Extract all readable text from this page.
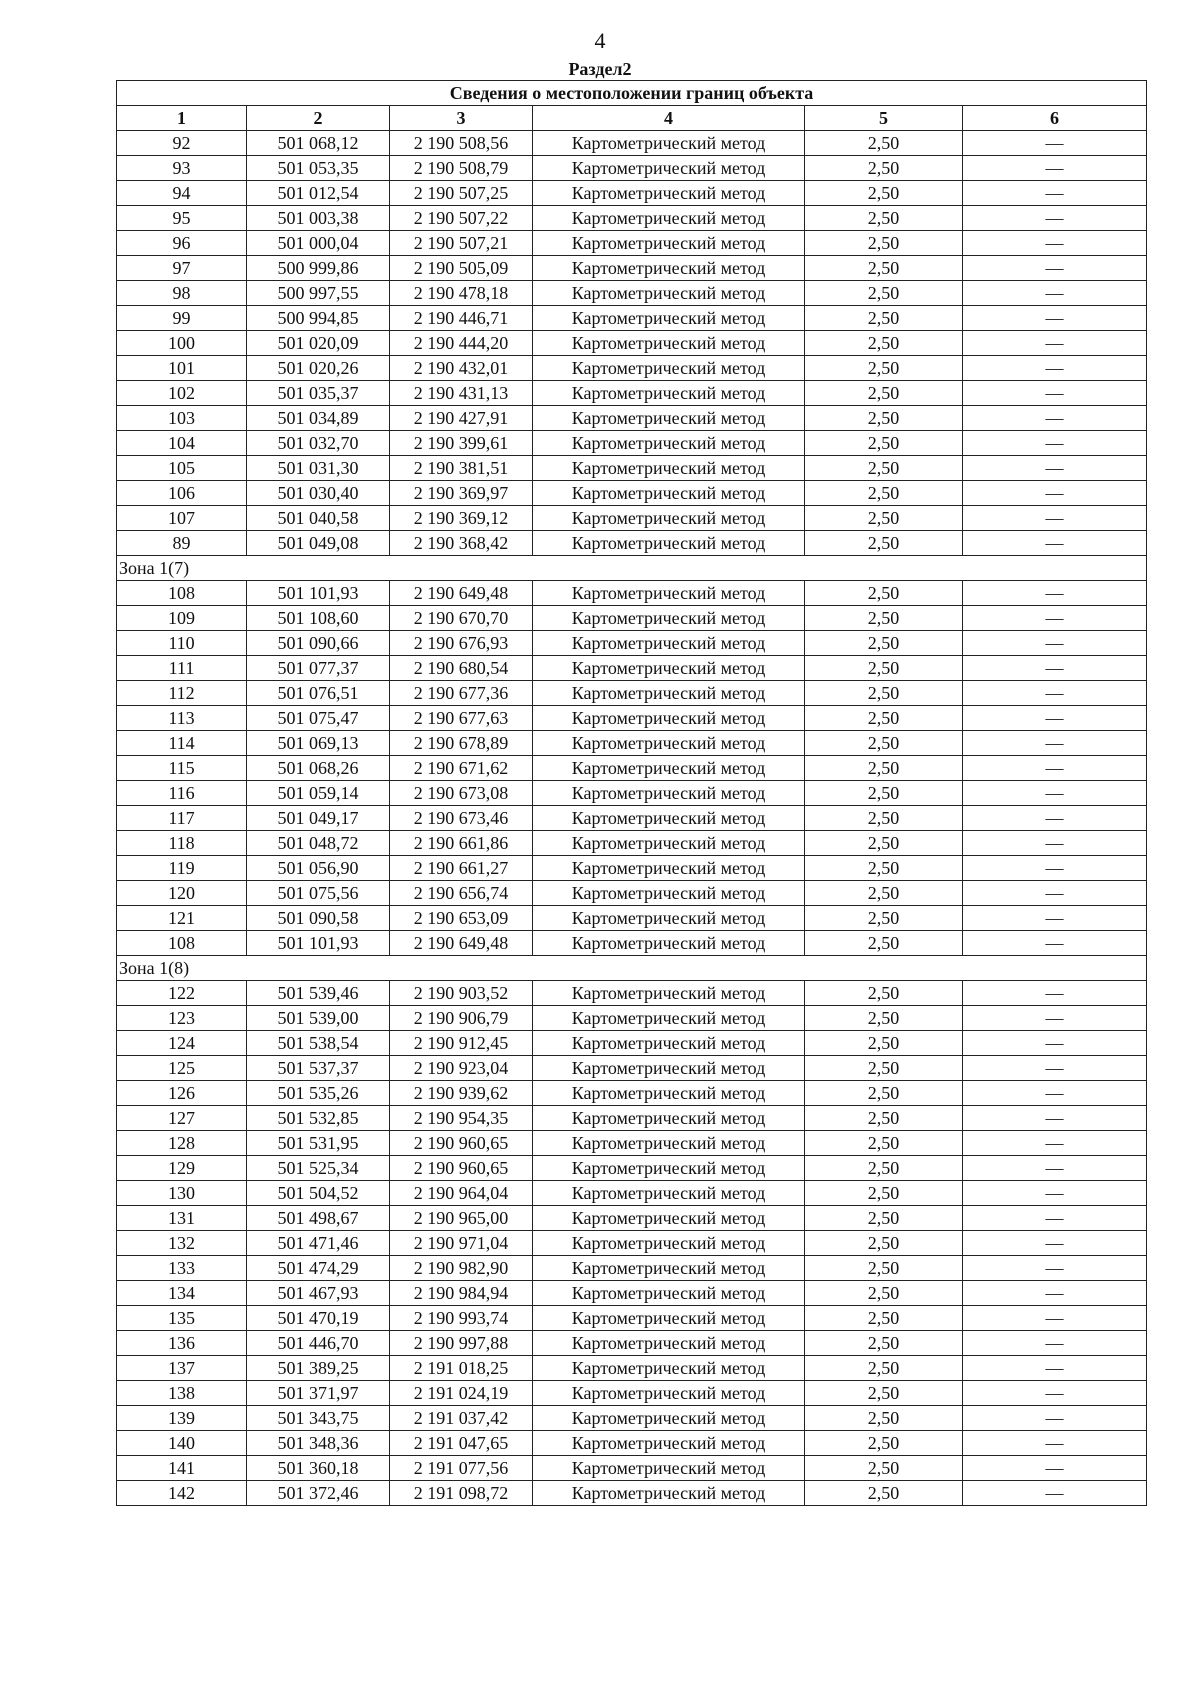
4
Раздел2
Сведения о местоположении границ объекта					
1	2	3	4	5	6
92	501 068,12	2 190 508,56	Картометрический метод	2,50	—
93	501 053,35	2 190 508,79	Картометрический метод	2,50	—
94	501 012,54	2 190 507,25	Картометрический метод	2,50	—
95	501 003,38	2 190 507,22	Картометрический метод	2,50	—
96	501 000,04	2 190 507,21	Картометрический метод	2,50	—
97	500 999,86	2 190 505,09	Картометрический метод	2,50	—
98	500 997,55	2 190 478,18	Картометрический метод	2,50	—
99	500 994,85	2 190 446,71	Картометрический метод	2,50	—
100	501 020,09	2 190 444,20	Картометрический метод	2,50	—
101	501 020,26	2 190 432,01	Картометрический метод	2,50	—
102	501 035,37	2 190 431,13	Картометрический метод	2,50	—
103	501 034,89	2 190 427,91	Картометрический метод	2,50	—
104	501 032,70	2 190 399,61	Картометрический метод	2,50	—
105	501 031,30	2 190 381,51	Картометрический метод	2,50	—
106	501 030,40	2 190 369,97	Картометрический метод	2,50	—
107	501 040,58	2 190 369,12	Картометрический метод	2,50	—
89	501 049,08	2 190 368,42	Картометрический метод	2,50	—
Зона 1(7)					
108	501 101,93	2 190 649,48	Картометрический метод	2,50	—
109	501 108,60	2 190 670,70	Картометрический метод	2,50	—
110	501 090,66	2 190 676,93	Картометрический метод	2,50	—
111	501 077,37	2 190 680,54	Картометрический метод	2,50	—
112	501 076,51	2 190 677,36	Картометрический метод	2,50	—
113	501 075,47	2 190 677,63	Картометрический метод	2,50	—
114	501 069,13	2 190 678,89	Картометрический метод	2,50	—
115	501 068,26	2 190 671,62	Картометрический метод	2,50	—
116	501 059,14	2 190 673,08	Картометрический метод	2,50	—
117	501 049,17	2 190 673,46	Картометрический метод	2,50	—
118	501 048,72	2 190 661,86	Картометрический метод	2,50	—
119	501 056,90	2 190 661,27	Картометрический метод	2,50	—
120	501 075,56	2 190 656,74	Картометрический метод	2,50	—
121	501 090,58	2 190 653,09	Картометрический метод	2,50	—
108	501 101,93	2 190 649,48	Картометрический метод	2,50	—
Зона 1(8)					
122	501 539,46	2 190 903,52	Картометрический метод	2,50	—
123	501 539,00	2 190 906,79	Картометрический метод	2,50	—
124	501 538,54	2 190 912,45	Картометрический метод	2,50	—
125	501 537,37	2 190 923,04	Картометрический метод	2,50	—
126	501 535,26	2 190 939,62	Картометрический метод	2,50	—
127	501 532,85	2 190 954,35	Картометрический метод	2,50	—
128	501 531,95	2 190 960,65	Картометрический метод	2,50	—
129	501 525,34	2 190 960,65	Картометрический метод	2,50	—
130	501 504,52	2 190 964,04	Картометрический метод	2,50	—
131	501 498,67	2 190 965,00	Картометрический метод	2,50	—
132	501 471,46	2 190 971,04	Картометрический метод	2,50	—
133	501 474,29	2 190 982,90	Картометрический метод	2,50	—
134	501 467,93	2 190 984,94	Картометрический метод	2,50	—
135	501 470,19	2 190 993,74	Картометрический метод	2,50	—
136	501 446,70	2 190 997,88	Картометрический метод	2,50	—
137	501 389,25	2 191 018,25	Картометрический метод	2,50	—
138	501 371,97	2 191 024,19	Картометрический метод	2,50	—
139	501 343,75	2 191 037,42	Картометрический метод	2,50	—
140	501 348,36	2 191 047,65	Картометрический метод	2,50	—
141	501 360,18	2 191 077,56	Картометрический метод	2,50	—
142	501 372,46	2 191 098,72	Картометрический метод	2,50	—
